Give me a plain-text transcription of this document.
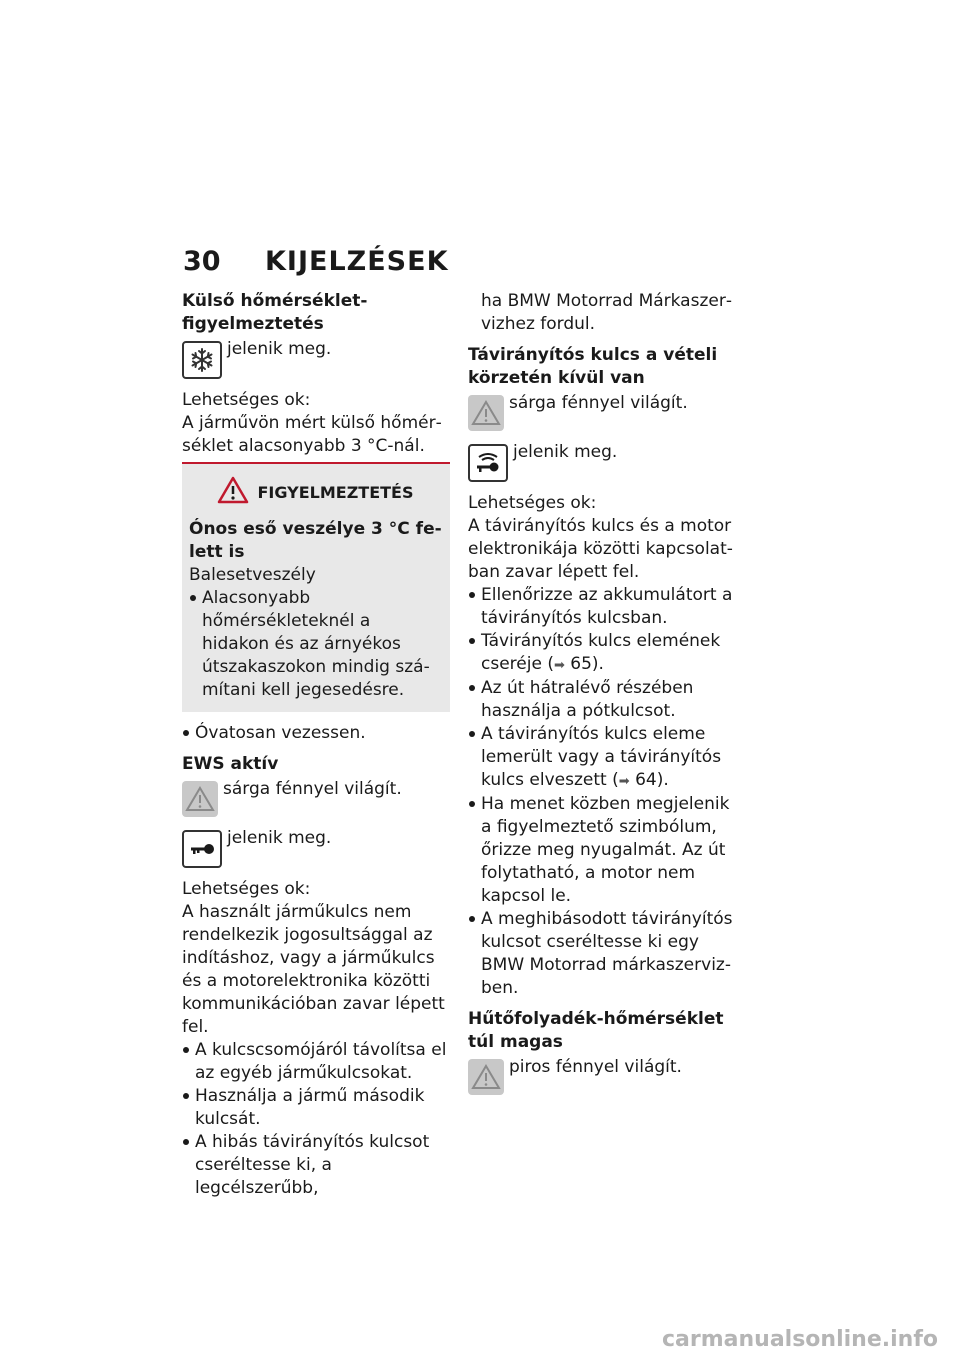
30	KIJELZÉSEK

Külső hőmérséklet-figyelmeztetés

jelenik meg.

Lehetséges ok:

A járművön mért külső hőmérséklet alacsonyabb 3 °C-nál.

FIGYELMEZTETÉS

Ónos eső veszélye 3 °C felett is

Balesetveszély

Alacsonyabb hőmérsékleteknél a hidakon és az árnyékos útszakaszokon mindig számítani kell jegesedésre.
Óvatosan vezessen.

EWS aktív

sárga fénnyel világít.

jelenik meg.

Lehetséges ok:

A használt járműkulcs nem rendelkezik jogosultsággal az indításhoz, vagy a járműkulcs és a motorelektronika közötti kommunikációban zavar lépett fel.

A kulcscsomójáról távolítsa el az egyéb járműkulcsokat.
Használja a jármű második kulcsát.
A hibás távirányítós kulcsot cseréltesse ki, a legcélszerűbb,

ha BMW Motorrad Márkaszervizhez fordul.

Távirányítós kulcs a vételi körzetén kívül van

sárga fénnyel világít.

jelenik meg.

Lehetséges ok:

A távirányítós kulcs és a motor elektronikája közötti kapcsolatban zavar lépett fel.

Ellenőrizze az akkumulátort a távirányítós kulcsban.
Távirányítós kulcs elemének cseréje (➡ 65).
Az út hátralévő részében használja a pótkulcsot.
A távirányítós kulcs eleme lemerült vagy a távirányítós kulcs elveszett (➡ 64).
Ha menet közben megjelenik a figyelmeztető szimbólum, őrizze meg nyugalmát. Az út folytatható, a motor nem kapcsol le.
A meghibásodott távirányítós kulcsot cseréltesse ki egy BMW Motorrad márkaszervizben.

Hűtőfolyadék-hőmérséklet túl magas

piros fénnyel világít.

carmanualsonline.info
